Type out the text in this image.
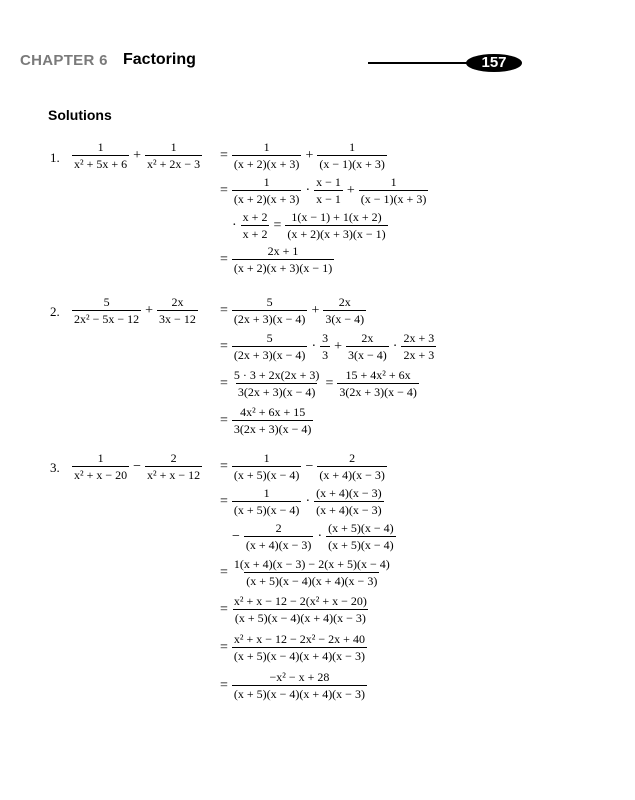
CHAPTER 6 Factoring	157
Solutions
1. $\frac{1}{\text{x² + 5x + 6}} + \frac{1}{\text{x² + 2x − 3}} = \frac{1}{(x + 2)(x + 3)} + \frac{1}{(x - 1)(x + 3)}$
= $\frac{1}{(x + 2)(x + 3)} \cdot \frac{x - 1}{x - 1} + \frac{1}{(x - 1)(x + 3)}$
· $\frac{x + 2}{x + 2} = \frac{1(x - 1) + 1(x + 2)}{(x + 2)(x + 3)(x - 1)}$
= $\frac{2x + 1}{(x + 2)(x + 3)(x - 1)}$
2. $\frac{5}{\text{2x² − 5x − 12}} + \frac{2x}{3x - 12} = \frac{5}{(2x + 3)(x - 4)} + \frac{2x}{3(x - 4)}$
= $\frac{5}{(2x + 3)(x - 4)} \cdot \frac{3}{3} + \frac{2x}{3(x - 4)} \cdot \frac{2x + 3}{2x + 3}$
= $\frac{5 \cdot 3 + 2x(2x + 3)}{3(2x + 3)(x - 4)} = \frac{\text{15 + 4x² + 6x}}{3(2x + 3)(x - 4)}$
= $\frac{\text{4x² + 6x + 15}}{3(2x + 3)(x - 4)}$
3. $\frac{1}{\text{x² + x − 20}} - \frac{2}{\text{x² + x − 12}} = \frac{1}{(x + 5)(x - 4)} - \frac{2}{(x + 4)(x - 3)}$
= $\frac{1}{(x + 5)(x - 4)} \cdot \frac{(x + 4)(x - 3)}{(x + 4)(x - 3)}$
− $\frac{2}{(x + 4)(x - 3)} \cdot \frac{(x + 5)(x - 4)}{(x + 5)(x - 4)}$
= $\frac{1(x + 4)(x - 3) - 2(x + 5)(x - 4)}{(x + 5)(x - 4)(x + 4)(x - 3)}$
= $\frac{\text{x² + x − 12 − 2(x² + x − 20)}}{(x + 5)(x - 4)(x + 4)(x - 3)}$
= $\frac{\text{x² + x − 12 − 2x² − 2x + 40}}{(x + 5)(x - 4)(x + 4)(x - 3)}$
= $\frac{\text{−x² − x + 28}}{(x + 5)(x - 4)(x + 4)(x - 3)}$
